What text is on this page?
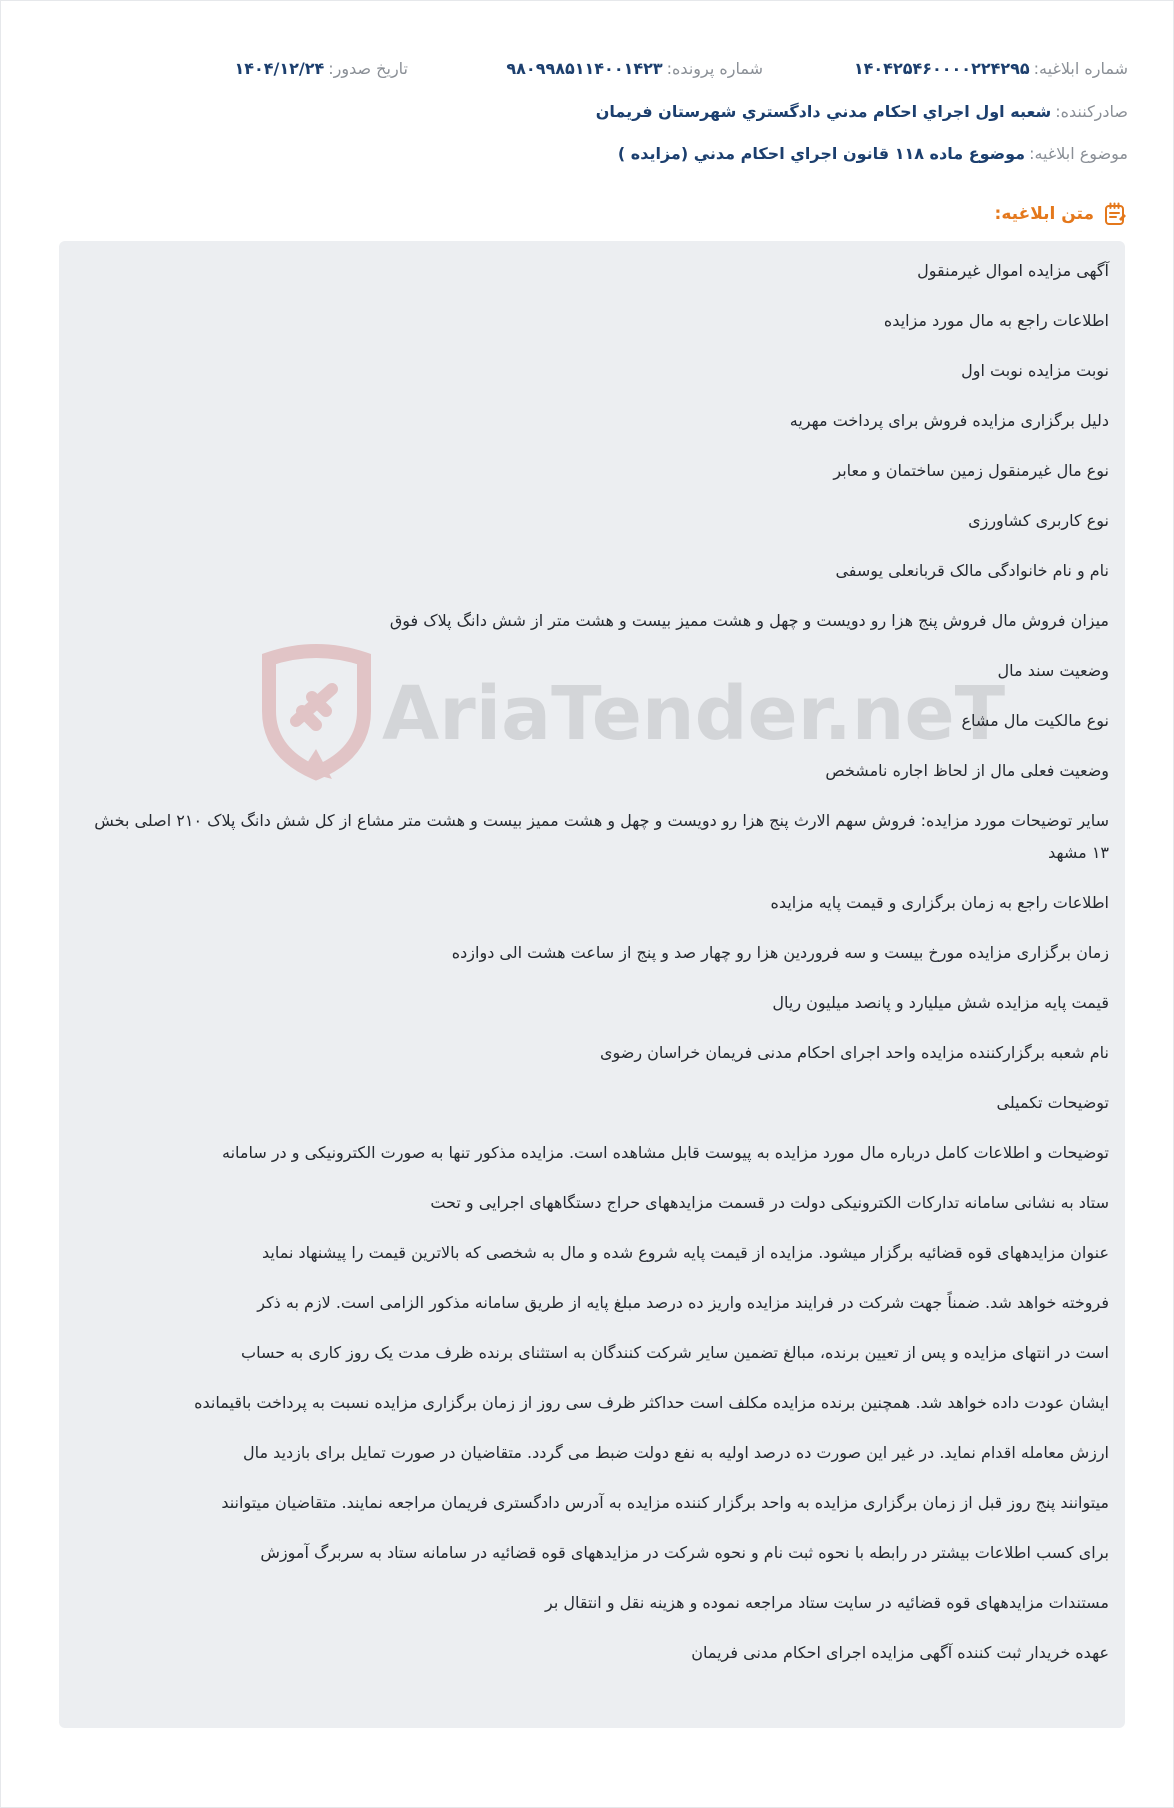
شماره ابلاغیه:
۱۴۰۴۲۵۴۶۰۰۰۰۲۲۴۲۹۵
شماره پرونده:
۹۸۰۹۹۸۵۱۱۴۰۰۱۴۲۳
تاریخ صدور:
۱۴۰۴/۱۲/۲۴
صادرکننده:
شعبه اول اجراي احكام مدني دادگستري شهرستان فريمان
موضوع ابلاغیه:
موضوع ماده ۱۱۸ قانون اجراي احكام مدني (مزايده )
متن ابلاغیه:
AriaTender.neT
آگهی مزایده اموال غیرمنقول
اطلاعات راجع به مال مورد مزایده
نوبت مزایده نوبت اول
دلیل برگزاری مزایده فروش برای پرداخت مهریه
نوع مال غیرمنقول زمین ساختمان و معابر
نوع کاربری کشاورزی
نام و نام خانوادگی مالک قربانعلی یوسفی
میزان فروش مال فروش پنج هزا رو دویست و چهل و هشت ممیز بیست و هشت متر از شش دانگ پلاک فوق
وضعیت سند مال
نوع مالکیت مال مشاع
وضعیت فعلی مال از لحاظ اجاره نامشخص
سایر توضیحات مورد مزایده: فروش سهم الارث پنج هزا رو دویست و چهل و هشت ممیز بیست و هشت متر مشاع از کل شش دانگ پلاک ۲۱۰ اصلی بخش ۱۳ مشهد
اطلاعات راجع به زمان برگزاری و قیمت پایه مزایده
زمان برگزاری مزایده مورخ بیست و سه فروردین هزا رو چهار صد و پنج از ساعت هشت الی دوازده
قیمت پایه مزایده شش میلیارد و پانصد میلیون ریال
نام شعبه برگزارکننده مزایده واحد اجرای احکام مدنی فریمان خراسان رضوی
توضیحات تکمیلی
توضیحات و اطلاعات کامل درباره مال مورد مزایده به پیوست قابل مشاهده است. مزایده مذکور تنها به صورت الکترونیکی و در سامانه
ستاد به نشانی سامانه تدارکات الکترونیکی دولت در قسمت مزایدههای حراج دستگاههای اجرایی و تحت
عنوان مزایدههای قوه قضائیه برگزار میشود. مزایده از قیمت پایه شروع شده و مال به شخصی که بالاترین قیمت را پیشنهاد نماید
فروخته خواهد شد. ضمناً جهت شرکت در فرایند مزایده واریز ده درصد مبلغ پایه از طریق سامانه مذکور الزامی است. لازم به ذکر
است در انتهای مزایده و پس از تعیین برنده، مبالغ تضمین سایر شرکت کنندگان به استثنای برنده ظرف مدت یک روز کاری به حساب
ایشان عودت داده خواهد شد. همچنین برنده مزایده مکلف است حداکثر ظرف سی روز از زمان برگزاری مزایده نسبت به پرداخت باقیمانده
ارزش معامله اقدام نماید. در غیر این صورت ده درصد اولیه به نفع دولت ضبط می گردد. متقاضیان در صورت تمایل برای بازدید مال
میتوانند پنج روز قبل از زمان برگزاری مزایده به واحد برگزار کننده مزایده به آدرس دادگستری فریمان مراجعه نمایند. متقاضیان میتوانند
برای کسب اطلاعات بیشتر در رابطه با نحوه ثبت نام و نحوه شرکت در مزایدههای قوه قضائیه در سامانه ستاد به سربرگ آموزش
مستندات مزایدههای قوه قضائیه در سایت ستاد مراجعه نموده و هزینه نقل و انتقال بر
عهده خریدار ثبت کننده آگهی مزایده اجرای احکام مدنی فریمان
